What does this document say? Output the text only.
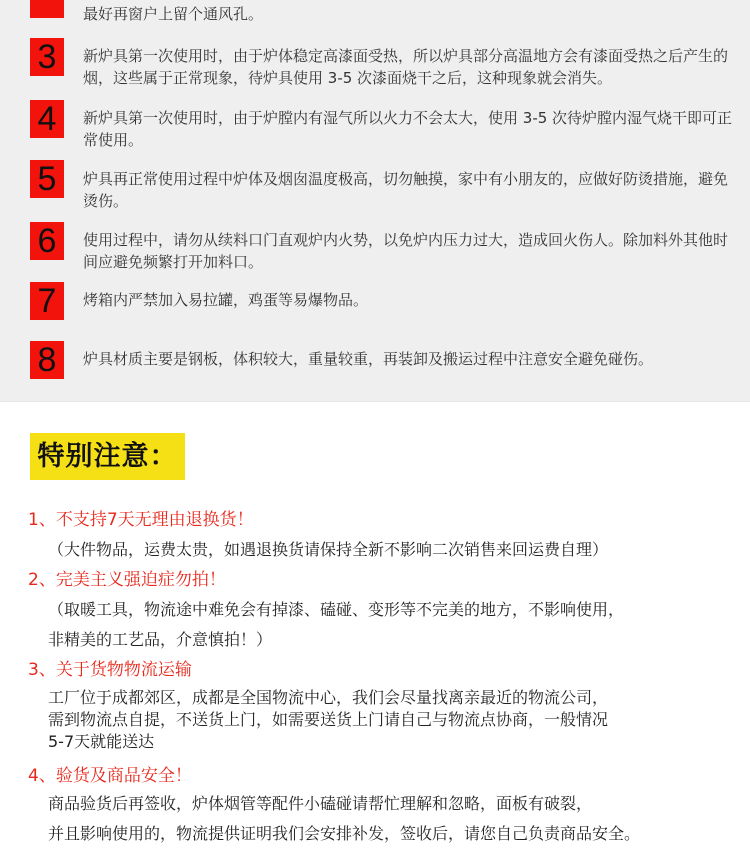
最好再窗户上留个通风孔。
3	新炉具第一次使用时，由于炉体稳定高漆面受热，所以炉具部分高温地方会有漆面受热之后产生的烟，这些属于正常现象，待炉具使用 3-5 次漆面烧干之后，这种现象就会消失。
4	新炉具第一次使用时，由于炉膛内有湿气所以火力不会太大，使用 3-5 次待炉膛内湿气烧干即可正常使用。
5	炉具再正常使用过程中炉体及烟囱温度极高，切勿触摸，家中有小朋友的，应做好防烫措施，避免烫伤。
6	使用过程中，请勿从续料口门直观炉内火势，以免炉内压力过大，造成回火伤人。除加料外其他时间应避免频繁打开加料口。
7	烤箱内严禁加入易拉罐，鸡蛋等易爆物品。
8	炉具材质主要是钢板，体积较大，重量较重，再装卸及搬运过程中注意安全避免碰伤。
特别注意：
1、不支持7天无理由退换货！
（大件物品，运费太贵，如遇退换货请保持全新不影响二次销售来回运费自理）
2、完美主义强迫症勿拍！
（取暖工具，物流途中难免会有掉漆、磕碰、变形等不完美的地方，不影响使用，
非精美的工艺品，介意慎拍！）
3、关于货物物流运输
工厂位于成都郊区，成都是全国物流中心，我们会尽量找离亲最近的物流公司，
需到物流点自提，不送货上门，如需要送货上门请自己与物流点协商，一般情况
5-7天就能送达
4、验货及商品安全！
商品验货后再签收，炉体烟管等配件小磕碰请帮忙理解和忽略，面板有破裂，
并且影响使用的，物流提供证明我们会安排补发，签收后，请您自己负责商品安全。
